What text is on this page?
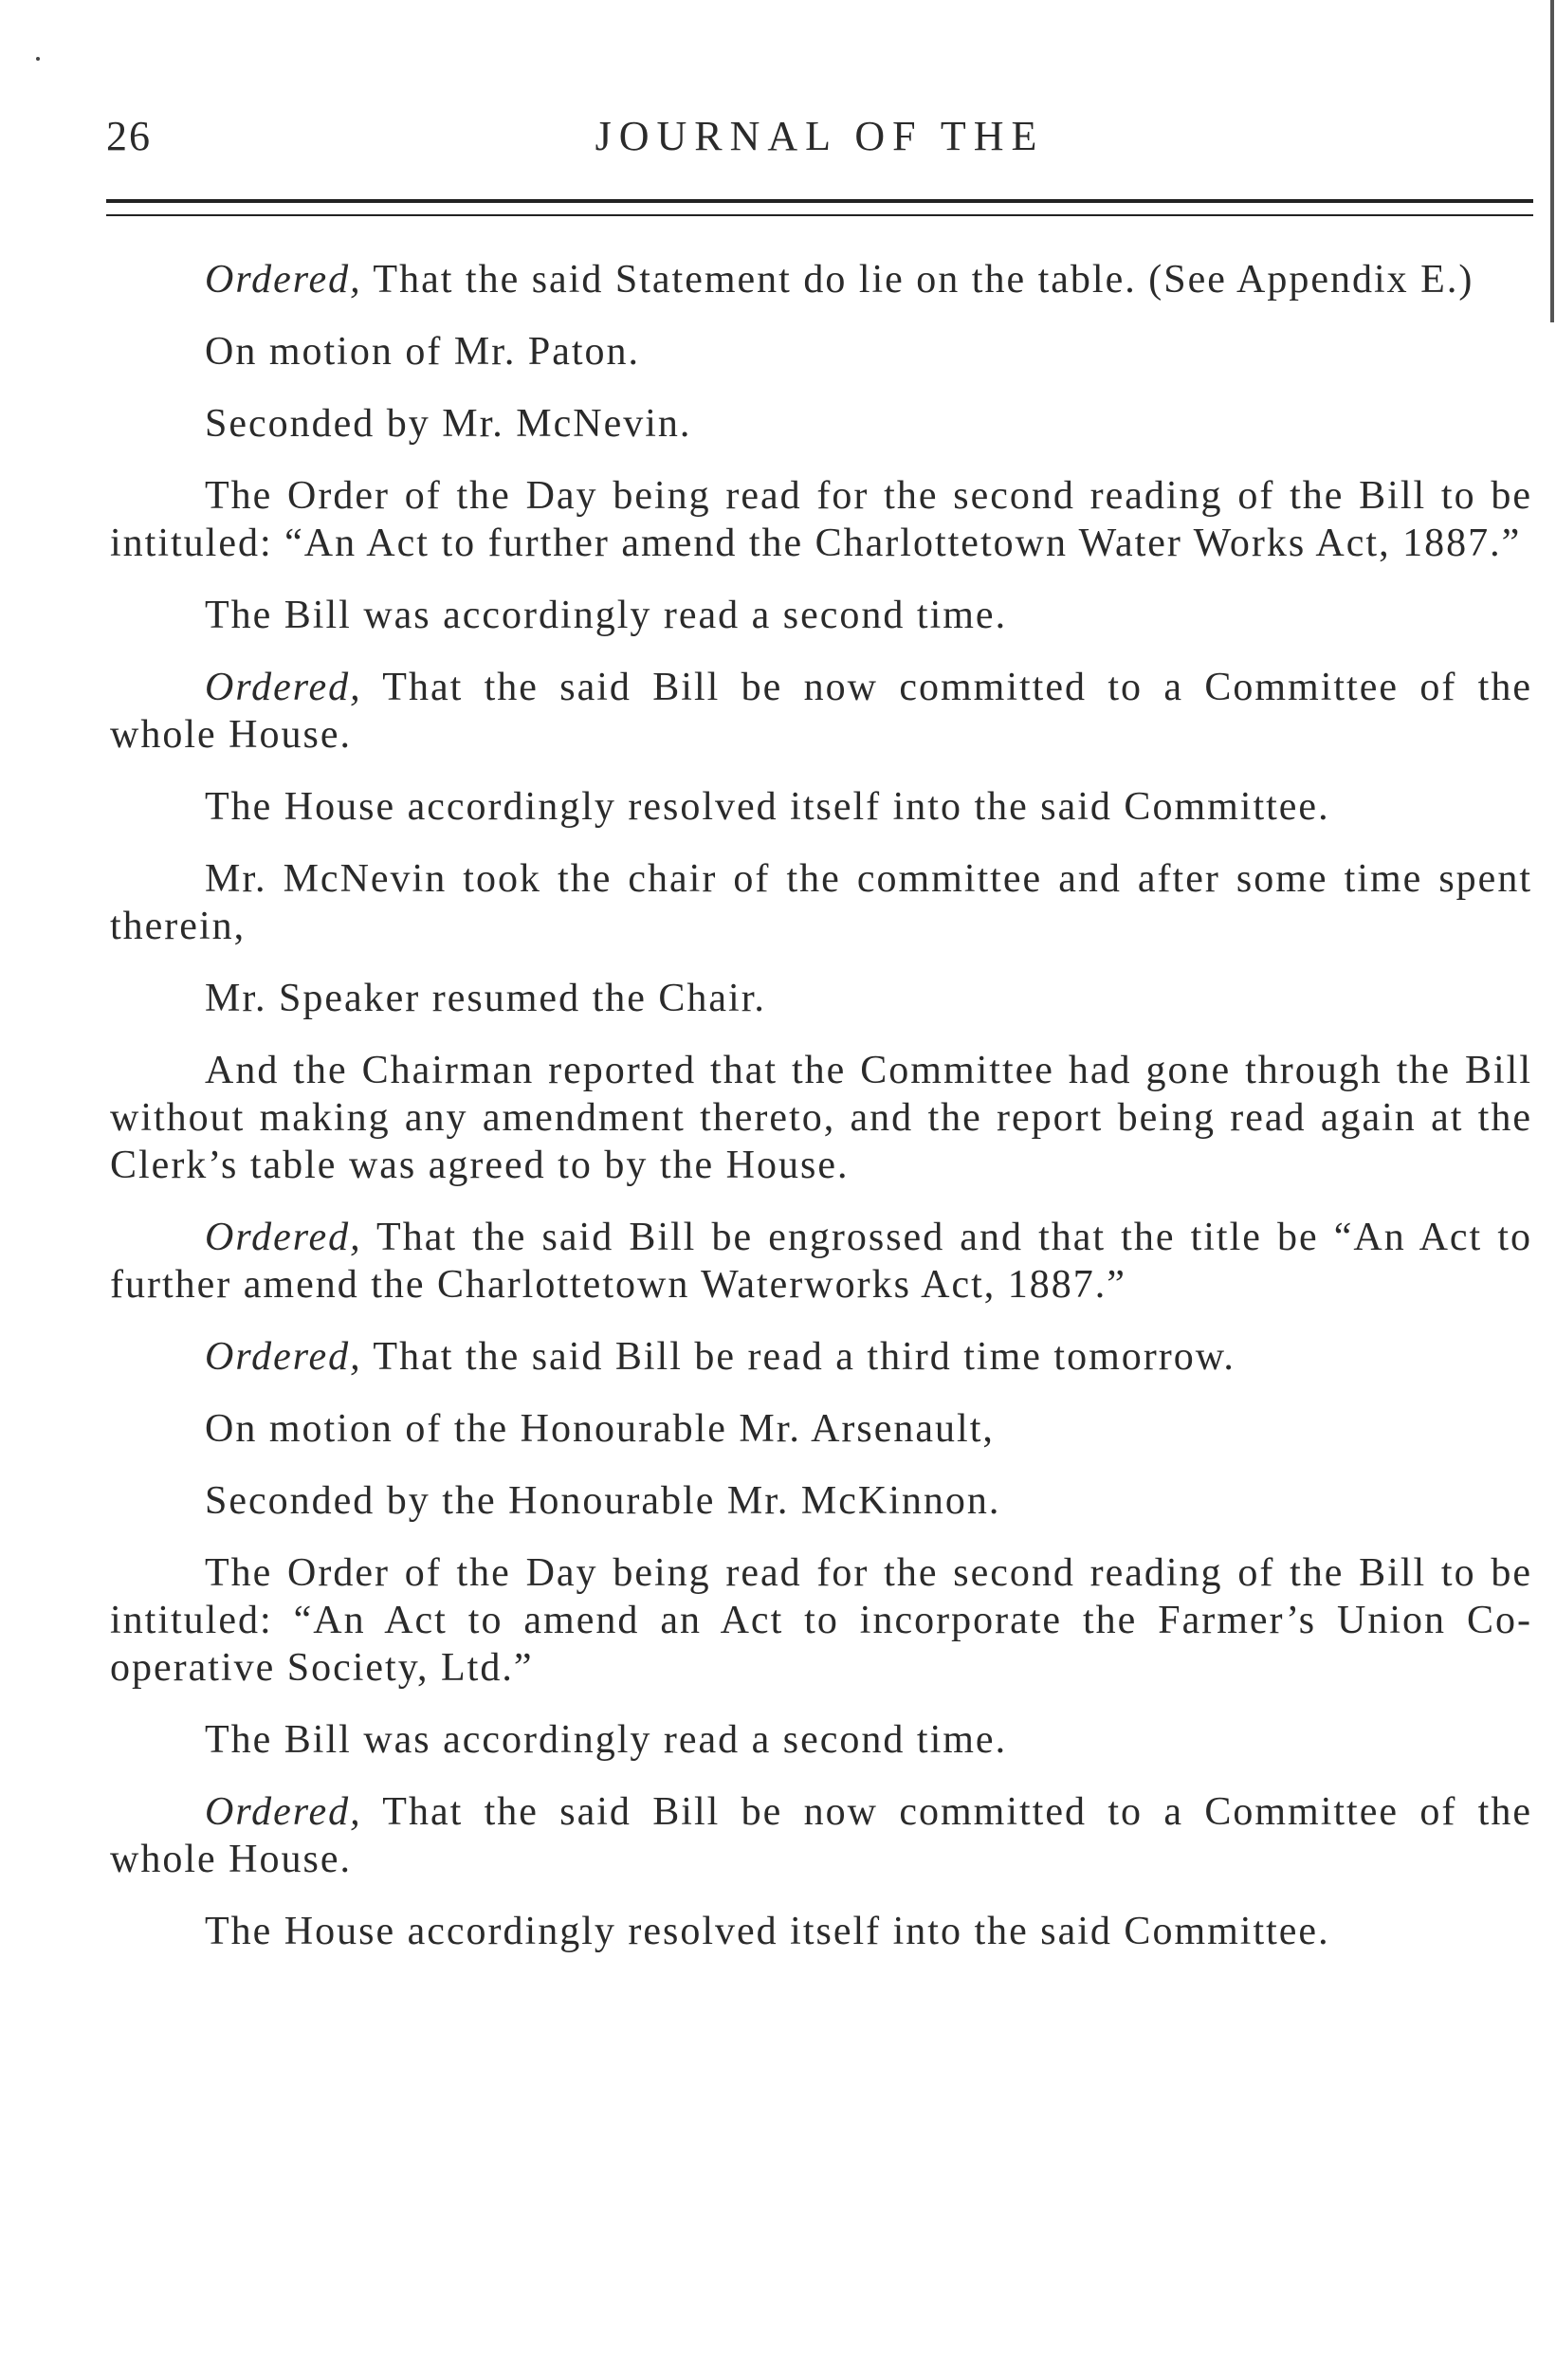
26	JOURNAL OF THE

Ordered, That the said Statement do lie on the table. (See Appendix E.)

On motion of Mr. Paton.

Seconded by Mr. McNevin.

The Order of the Day being read for the second reading of the Bill to be intituled: “An Act to further amend the Charlottetown Water Works Act, 1887.”

The Bill was accordingly read a second time.

Ordered, That the said Bill be now committed to a Committee of the whole House.

The House accordingly resolved itself into the said Committee.

Mr. McNevin took the chair of the committee and after some time spent therein,

Mr. Speaker resumed the Chair.

And the Chairman reported that the Committee had gone through the Bill without making any amendment thereto, and the report being read again at the Clerk’s table was agreed to by the House.

Ordered, That the said Bill be engrossed and that the title be “An Act to further amend the Charlottetown Waterworks Act, 1887.”

Ordered, That the said Bill be read a third time tomorrow.

On motion of the Honourable Mr. Arsenault,

Seconded by the Honourable Mr. McKinnon.

The Order of the Day being read for the second reading of the Bill to be intituled: “An Act to amend an Act to incorporate the Farmer’s Union Co-operative Society, Ltd.”

The Bill was accordingly read a second time.

Ordered, That the said Bill be now committed to a Committee of the whole House.

The House accordingly resolved itself into the said Committee.
